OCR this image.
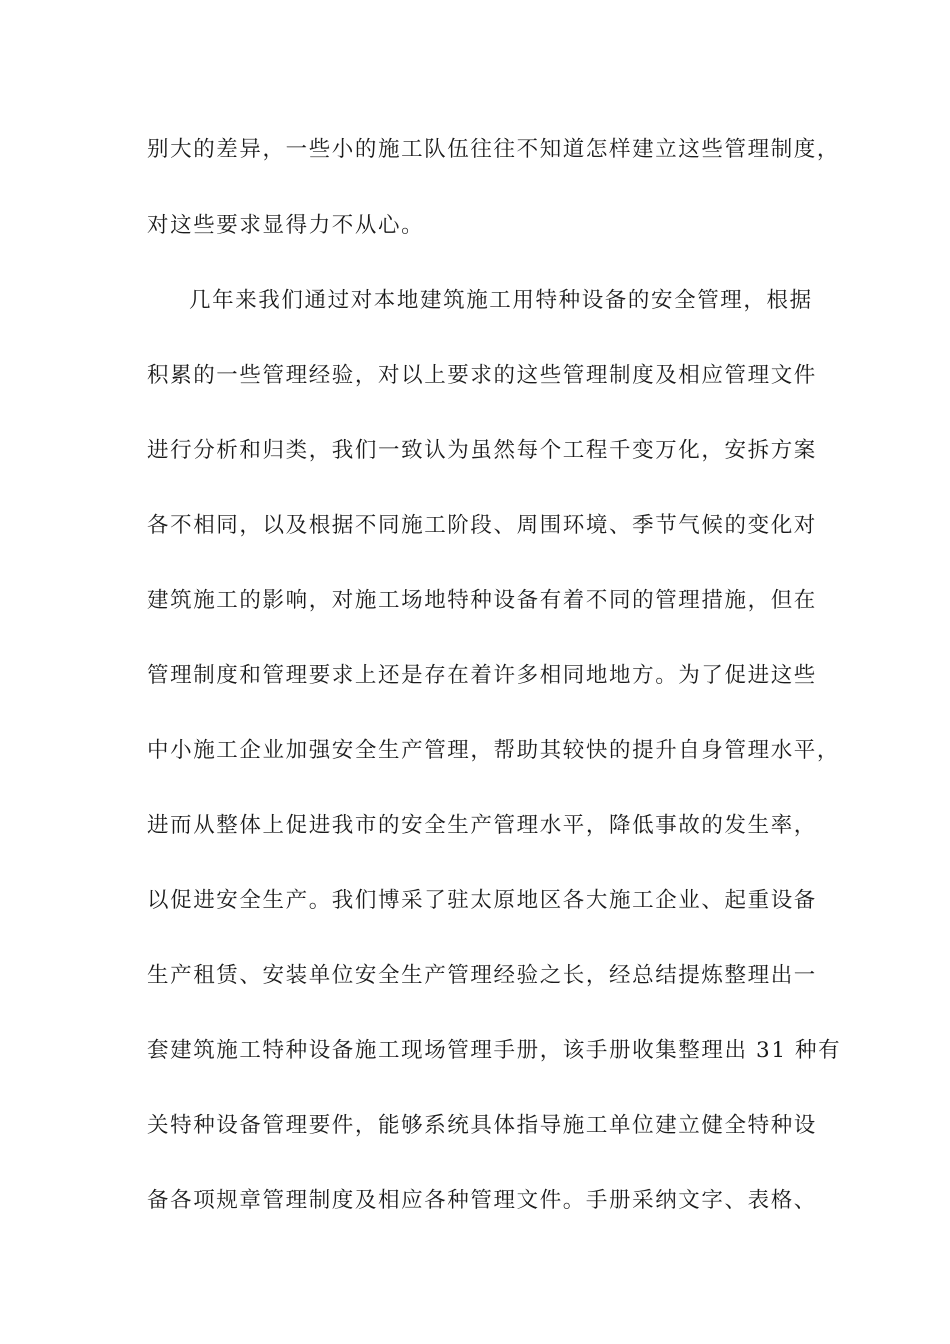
别大的差异，一些小的施工队伍往往不知道怎样建立这些管理制度，
对这些要求显得力不从心。
几年来我们通过对本地建筑施工用特种设备的安全管理，根据
积累的一些管理经验，对以上要求的这些管理制度及相应管理文件
进行分析和归类，我们一致认为虽然每个工程千变万化，安拆方案
各不相同，以及根据不同施工阶段、周围环境、季节气候的变化对
建筑施工的影响，对施工场地特种设备有着不同的管理措施，但在
管理制度和管理要求上还是存在着许多相同地地方。为了促进这些
中小施工企业加强安全生产管理，帮助其较快的提升自身管理水平，
进而从整体上促进我市的安全生产管理水平，降低事故的发生率，
以促进安全生产。我们博采了驻太原地区各大施工企业、起重设备
生产租赁、安装单位安全生产管理经验之长，经总结提炼整理出一
套建筑施工特种设备施工现场管理手册，该手册收集整理出 31 种有
关特种设备管理要件，能够系统具体指导施工单位建立健全特种设
备各项规章管理制度及相应各种管理文件。手册采纳文字、表格、
